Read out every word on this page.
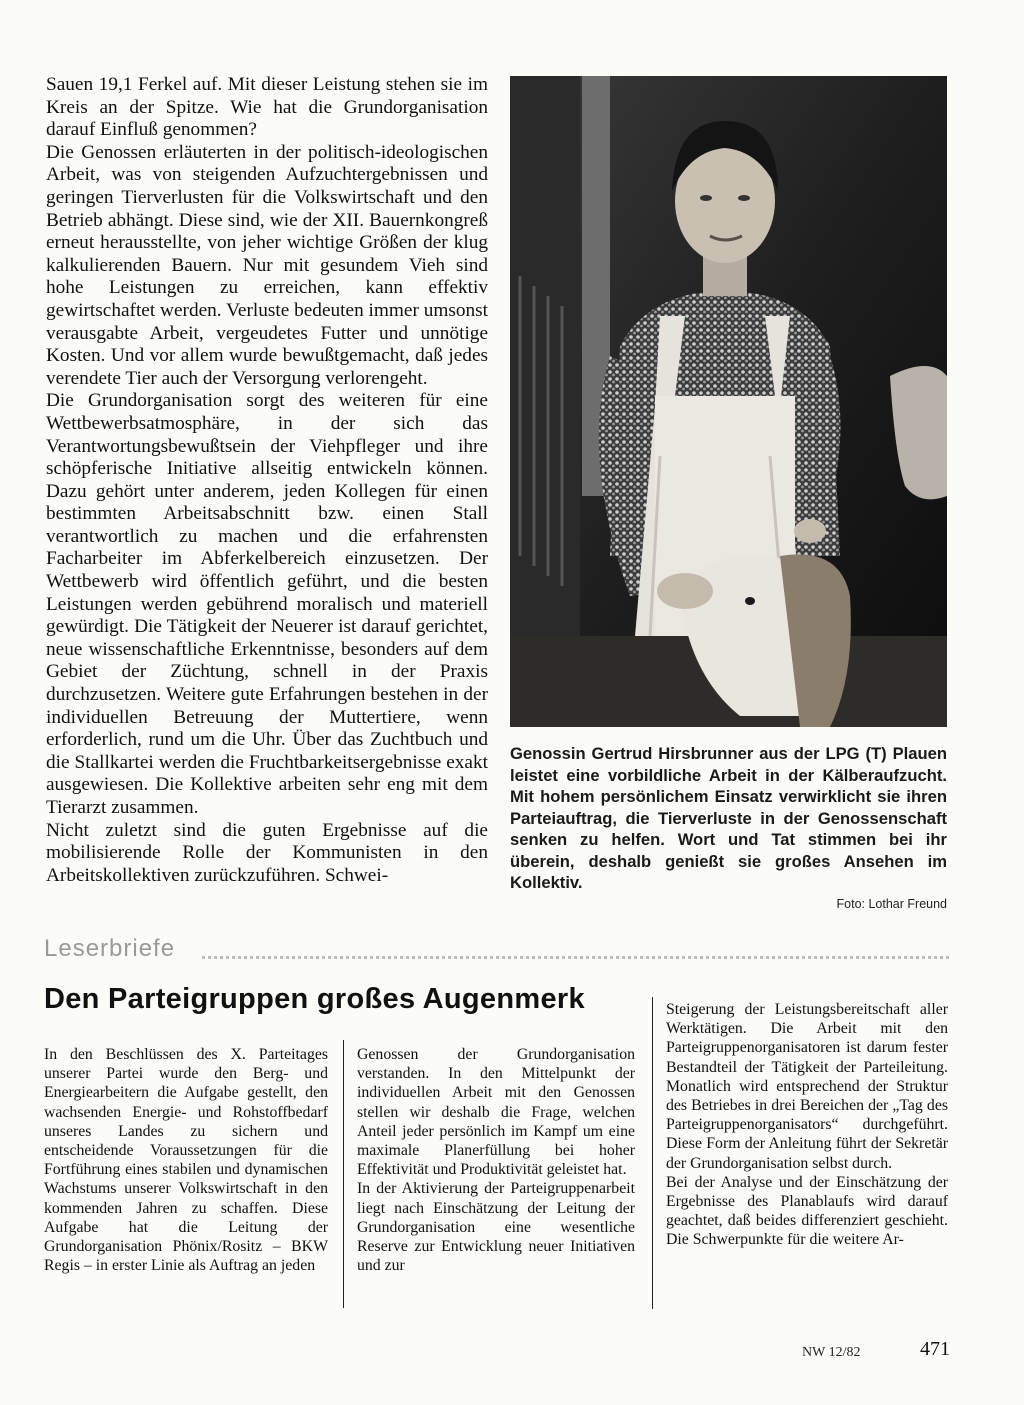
Sauen 19,1 Ferkel auf. Mit dieser Leistung stehen sie im Kreis an der Spitze. Wie hat die Grundorganisation darauf Einfluß genommen?

Die Genossen erläuterten in der politisch-ideologischen Arbeit, was von steigenden Aufzuchtergebnissen und geringen Tierverlusten für die Volkswirtschaft und den Betrieb abhängt. Diese sind, wie der XII. Bauernkongreß erneut herausstellte, von jeher wichtige Größen der klug kalkulierenden Bauern. Nur mit gesundem Vieh sind hohe Leistungen zu erreichen, kann effektiv gewirtschaftet werden. Verluste bedeuten immer umsonst verausgabte Arbeit, vergeudetes Futter und unnötige Kosten. Und vor allem wurde bewußtgemacht, daß jedes verendete Tier auch der Versorgung verlorengeht.

Die Grundorganisation sorgt des weiteren für eine Wettbewerbsatmosphäre, in der sich das Verantwortungsbewußtsein der Viehpfleger und ihre schöpferische Initiative allseitig entwickeln können. Dazu gehört unter anderem, jeden Kollegen für einen bestimmten Arbeitsabschnitt bzw. einen Stall verantwortlich zu machen und die erfahrensten Facharbeiter im Abferkelbereich einzusetzen. Der Wettbewerb wird öffentlich geführt, und die besten Leistungen werden gebührend moralisch und materiell gewürdigt. Die Tätigkeit der Neuerer ist darauf gerichtet, neue wissenschaftliche Erkenntnisse, besonders auf dem Gebiet der Züchtung, schnell in der Praxis durchzusetzen. Weitere gute Erfahrungen bestehen in der individuellen Betreuung der Muttertiere, wenn erforderlich, rund um die Uhr. Über das Zuchtbuch und die Stallkartei werden die Fruchtbarkeitsergebnisse exakt ausgewiesen. Die Kollektive arbeiten sehr eng mit dem Tierarzt zusammen.

Nicht zuletzt sind die guten Ergebnisse auf die mobilisierende Rolle der Kommunisten in den Arbeitskollektiven zurückzuführen. Schwei-

Genossin Gertrud Hirsbrunner aus der LPG (T) Plauen leistet eine vorbildliche Arbeit in der Kälberaufzucht. Mit hohem persönlichem Einsatz verwirklicht sie ihren Parteiauftrag, die Tierverluste in der Genossenschaft senken zu helfen. Wort und Tat stimmen bei ihr überein, deshalb genießt sie großes Ansehen im Kollektiv.
Foto: Lothar Freund
Leserbriefe
Den Parteigruppen großes Augenmerk

In den Beschlüssen des X. Parteitages unserer Partei wurde den Berg- und Energiearbeitern die Aufgabe gestellt, den wachsenden Energie- und Rohstoffbedarf unseres Landes zu sichern und entscheidende Voraussetzungen für die Fortführung eines stabilen und dynamischen Wachstums unserer Volkswirtschaft in den kommenden Jahren zu schaffen. Diese Aufgabe hat die Leitung der Grundorganisation Phönix/Rositz – BKW Regis – in erster Linie als Auftrag an jeden

Genossen der Grundorganisation verstanden. In den Mittelpunkt der individuellen Arbeit mit den Genossen stellen wir deshalb die Frage, welchen Anteil jeder persönlich im Kampf um eine maximale Planerfüllung bei hoher Effektivität und Produktivität geleistet hat.

In der Aktivierung der Parteigruppenarbeit liegt nach Einschätzung der Leitung der Grundorganisation eine wesentliche Reserve zur Entwicklung neuer Initiativen und zur

Steigerung der Leistungsbereitschaft aller Werktätigen. Die Arbeit mit den Parteigruppenorganisatoren ist darum fester Bestandteil der Tätigkeit der Parteileitung. Monatlich wird entsprechend der Struktur des Betriebes in drei Bereichen der „Tag des Parteigruppenorganisators“ durchgeführt. Diese Form der Anleitung führt der Sekretär der Grundorganisation selbst durch.

Bei der Analyse und der Einschätzung der Ergebnisse des Planablaufs wird darauf geachtet, daß beides differenziert geschieht. Die Schwerpunkte für die weitere Ar-

NW 12/82	471
